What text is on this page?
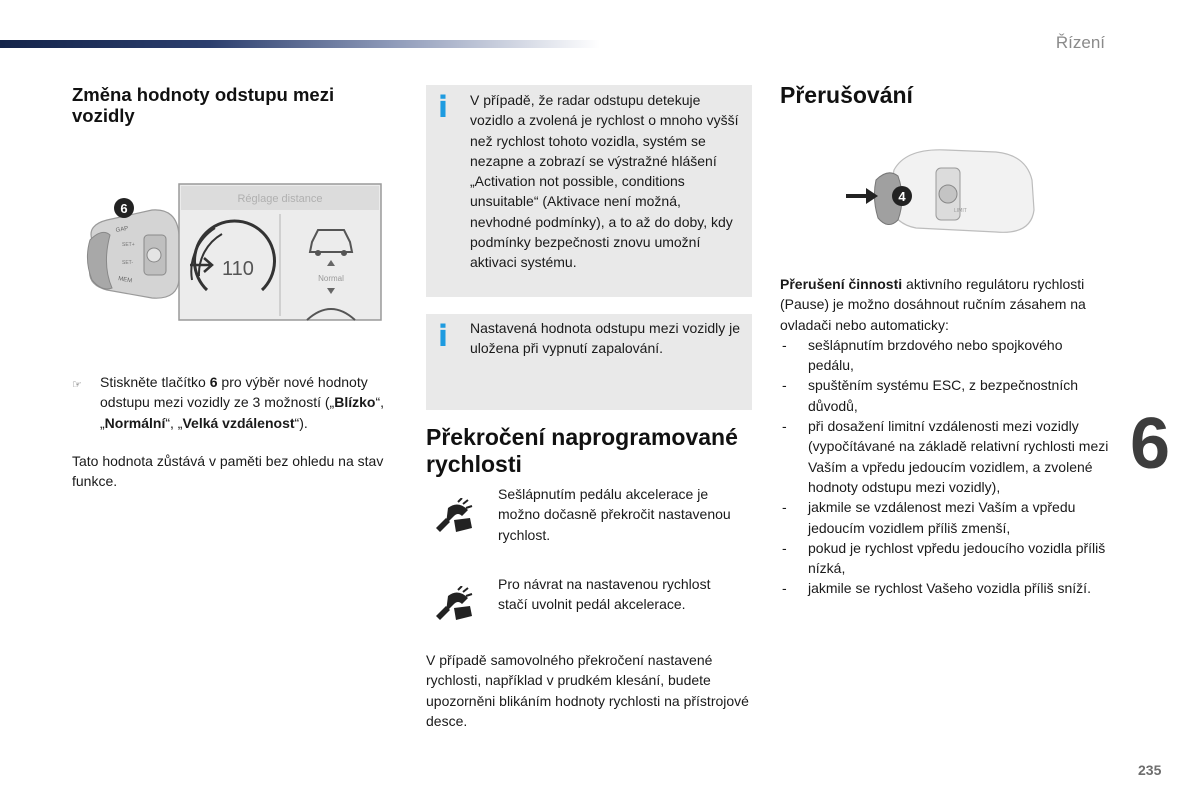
Řízení
6
235
Změna hodnoty odstupu mezi vozidly
GAP
SET+
SET-
MEM
6
Réglage distance
110	Normal

☞ Stiskněte tlačítko 6 pro výběr nové hodnoty odstupu mezi vozidly ze 3 možností („Blízko“, „Normální“, „Velká vzdálenost“).

Tato hodnota zůstává v paměti bez ohledu na stav funkce.

i V případě, že radar odstupu detekuje vozidlo a zvolená je rychlost o mnoho vyšší než rychlost tohoto vozidla, systém se nezapne a zobrazí se výstražné hlášení „Activation not possible, conditions unsuitable“ (Aktivace není možná, nevhodné podmínky), a to až do doby, kdy podmínky bezpečnosti znovu umožní aktivaci systému.

i Nastavená hodnota odstupu mezi vozidly je uložena při vypnutí zapalování.

Překročení naprogramované rychlosti

Sešlápnutím pedálu akcelerace je možno dočasně překročit nastavenou rychlost.

Pro návrat na nastavenou rychlost stačí uvolnit pedál akcelerace.

V případě samovolného překročení nastavené rychlosti, například v prudkém klesání, budete upozorněni blikáním hodnoty rychlosti na přístrojové desce.

Přerušování
LIMIT
4

Přerušení činnosti aktivního regulátoru rychlosti (Pause) je možno dosáhnout ručním zásahem na ovladači nebo automaticky:

- sešlápnutím brzdového nebo spojkového pedálu,
- spuštěním systému ESC, z bezpečnostních důvodů,
- při dosažení limitní vzdálenosti mezi vozidly (vypočítávané na základě relativní rychlosti mezi Vaším a vpředu jedoucím vozidlem, a zvolené hodnoty odstupu mezi vozidly),
- jakmile se vzdálenost mezi Vaším a vpředu jedoucím vozidlem příliš zmenší,
- pokud je rychlost vpředu jedoucího vozidla příliš nízká,
- jakmile se rychlost Vašeho vozidla příliš sníží.
